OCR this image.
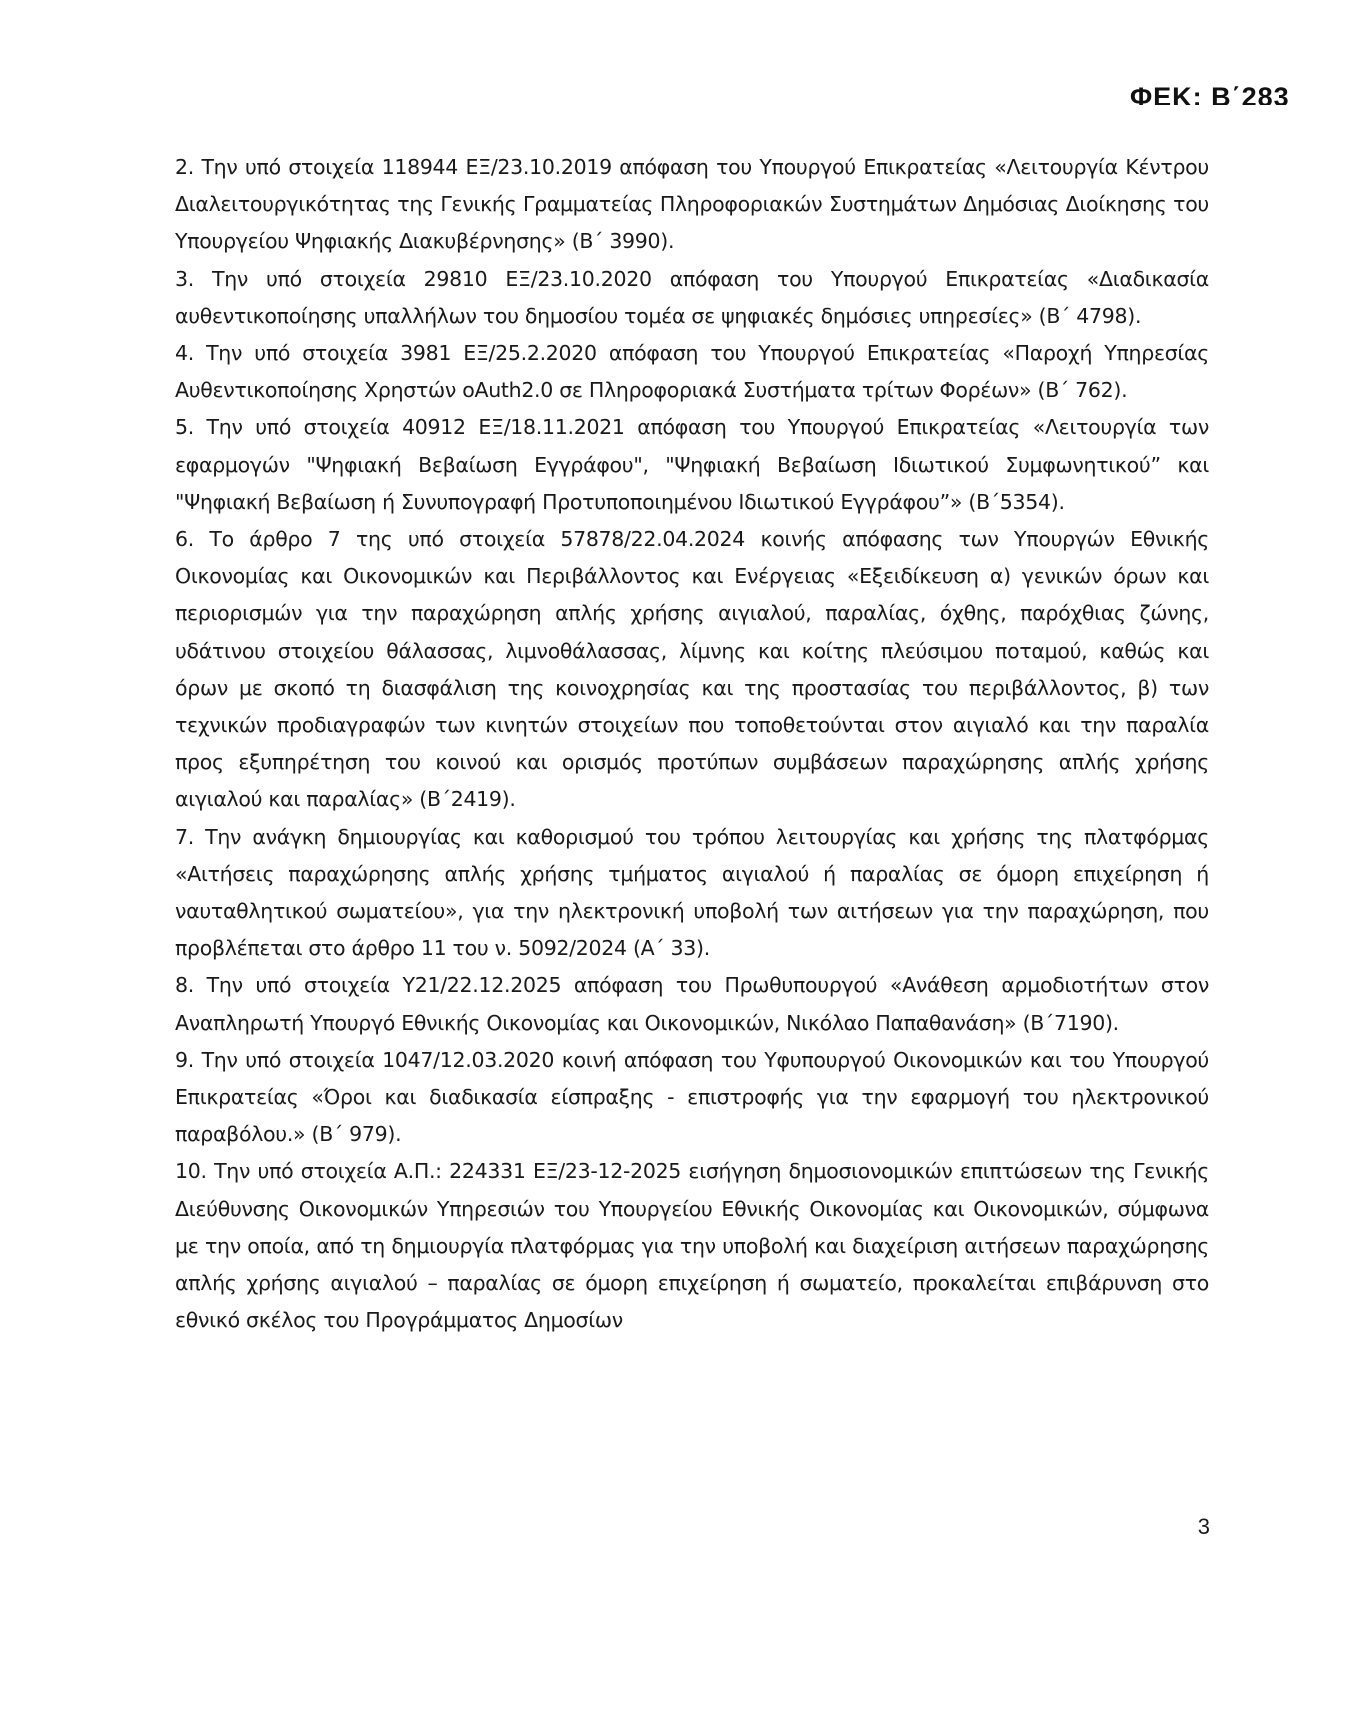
ΦΕΚ: Β΄283

2. Την υπό στοιχεία 118944 ΕΞ/23.10.2019 απόφαση του Υπουργού Επικρατείας «Λειτουργία Κέντρου Διαλειτουργικότητας της Γενικής Γραμματείας Πληροφοριακών Συστημάτων Δημόσιας Διοίκησης του Υπουργείου Ψηφιακής Διακυβέρνησης» (Β΄ 3990).

3. Την υπό στοιχεία 29810 ΕΞ/23.10.2020 απόφαση του Υπουργού Επικρατείας «Διαδικασία αυθεντικοποίησης υπαλλήλων του δημοσίου τομέα σε ψηφιακές δημόσιες υπηρεσίες» (Β΄ 4798).

4. Την υπό στοιχεία 3981 ΕΞ/25.2.2020 απόφαση του Υπουργού Επικρατείας «Παροχή Υπηρεσίας Αυθεντικοποίησης Χρηστών oAuth2.0 σε Πληροφοριακά Συστήματα τρίτων Φορέων» (Β΄ 762).

5. Την υπό στοιχεία 40912 ΕΞ/18.11.2021 απόφαση του Υπουργού Επικρατείας «Λειτουργία των εφαρμογών "Ψηφιακή Βεβαίωση Εγγράφου", "Ψηφιακή Βεβαίωση Ιδιωτικού Συμφωνητικού” και "Ψηφιακή Βεβαίωση ή Συνυπογραφή Προτυποποιημένου Ιδιωτικού Εγγράφου”» (Β΄5354).

6. Το άρθρο 7 της υπό στοιχεία 57878/22.04.2024 κοινής απόφασης των Υπουργών Εθνικής Οικονομίας και Οικονομικών και Περιβάλλοντος και Ενέργειας «Εξειδίκευση α) γενικών όρων και περιορισμών για την παραχώρηση απλής χρήσης αιγιαλού, παραλίας, όχθης, παρόχθιας ζώνης, υδάτινου στοιχείου θάλασσας, λιμνοθάλασσας, λίμνης και κοίτης πλεύσιμου ποταμού, καθώς και όρων με σκοπό τη διασφάλιση της κοινοχρησίας και της προστασίας του περιβάλλοντος, β) των τεχνικών προδιαγραφών των κινητών στοιχείων που τοποθετούνται στον αιγιαλό και την παραλία προς εξυπηρέτηση του κοινού και ορισμός προτύπων συμβάσεων παραχώρησης απλής χρήσης αιγιαλού και παραλίας» (Β΄2419).

7. Την ανάγκη δημιουργίας και καθορισμού του τρόπου λειτουργίας και χρήσης της πλατφόρμας «Αιτήσεις παραχώρησης απλής χρήσης τμήματος αιγιαλού ή παραλίας σε όμορη επιχείρηση ή ναυταθλητικού σωματείου», για την ηλεκτρονική υποβολή των αιτήσεων για την παραχώρηση, που προβλέπεται στο άρθρο 11 του ν. 5092/2024 (Α΄ 33).

8. Την υπό στοιχεία Υ21/22.12.2025 απόφαση του Πρωθυπουργού «Ανάθεση αρμοδιοτήτων στον Αναπληρωτή Υπουργό Εθνικής Οικονομίας και Οικονομικών, Νικόλαο Παπαθανάση» (Β΄7190).

9. Την υπό στοιχεία 1047/12.03.2020 κοινή απόφαση του Υφυπουργού Οικονομικών και του Υπουργού Επικρατείας «Όροι και διαδικασία είσπραξης - επιστροφής για την εφαρμογή του ηλεκτρονικού παραβόλου.» (Β΄ 979).

10. Την υπό στοιχεία Α.Π.: 224331 ΕΞ/23-12-2025 εισήγηση δημοσιονομικών επιπτώσεων της Γενικής Διεύθυνσης Οικονομικών Υπηρεσιών του Υπουργείου Εθνικής Οικονομίας και Οικονομικών, σύμφωνα με την οποία, από τη δημιουργία πλατφόρμας για την υποβολή και διαχείριση αιτήσεων παραχώρησης απλής χρήσης αιγιαλού – παραλίας σε όμορη επιχείρηση ή σωματείο, προκαλείται επιβάρυνση στο εθνικό σκέλος του Προγράμματος Δημοσίων

3
